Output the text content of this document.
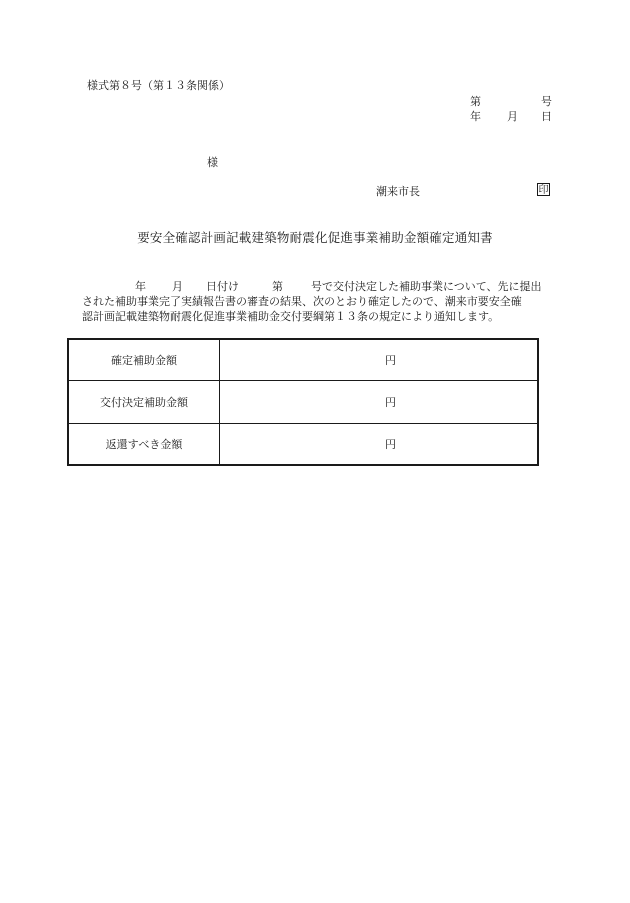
様式第８号（第１３条関係）
第	号
年 月 日
様
潮来市長	印
要安全確認計画記載建築物耐震化促進事業補助金額確定通知書
年 月 日付け	第	号で交付決定した補助事業について、先に提出
された補助事業完了実績報告書の審査の結果、次のとおり確定したので、潮来市要安全確
認計画記載建築物耐震化促進事業補助金交付要綱第１３条の規定により通知します。
確定補助金額	円
交付決定補助金額	円
返還すべき金額	円
